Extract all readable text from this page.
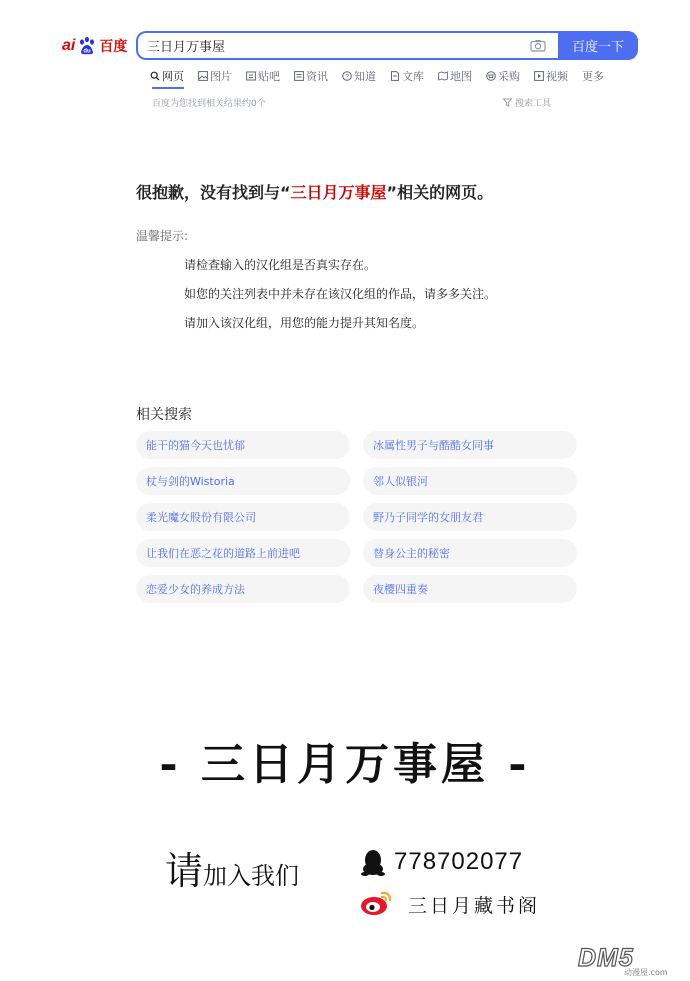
ai du 百度
三日月万事屋	百度一下
网页 图片 贴吧 资讯	? 知道 文库 地图 采购 视频 更多
百度为您找到相关结果约0个	搜索工具
很抱歉，没有找到与“三日月万事屋”相关的网页。
温馨提示:
请检查输入的汉化组是否真实存在。
如您的关注列表中并未存在该汉化组的作品，请多多关注。
请加入该汉化组，用您的能力提升其知名度。
相关搜索
能干的猫今天也忧郁	冰属性男子与酷酷女同事
杖与剑的Wistoria	邻人似银河
柔光魔女股份有限公司	野乃子同学的女朋友君
让我们在恶之花的道路上前进吧	替身公主的秘密
恋爱少女的养成方法	夜樱四重奏
- 三日月万事屋 -
请加入我们
778702077
三日月藏书阁
DM5
动漫屋.com
